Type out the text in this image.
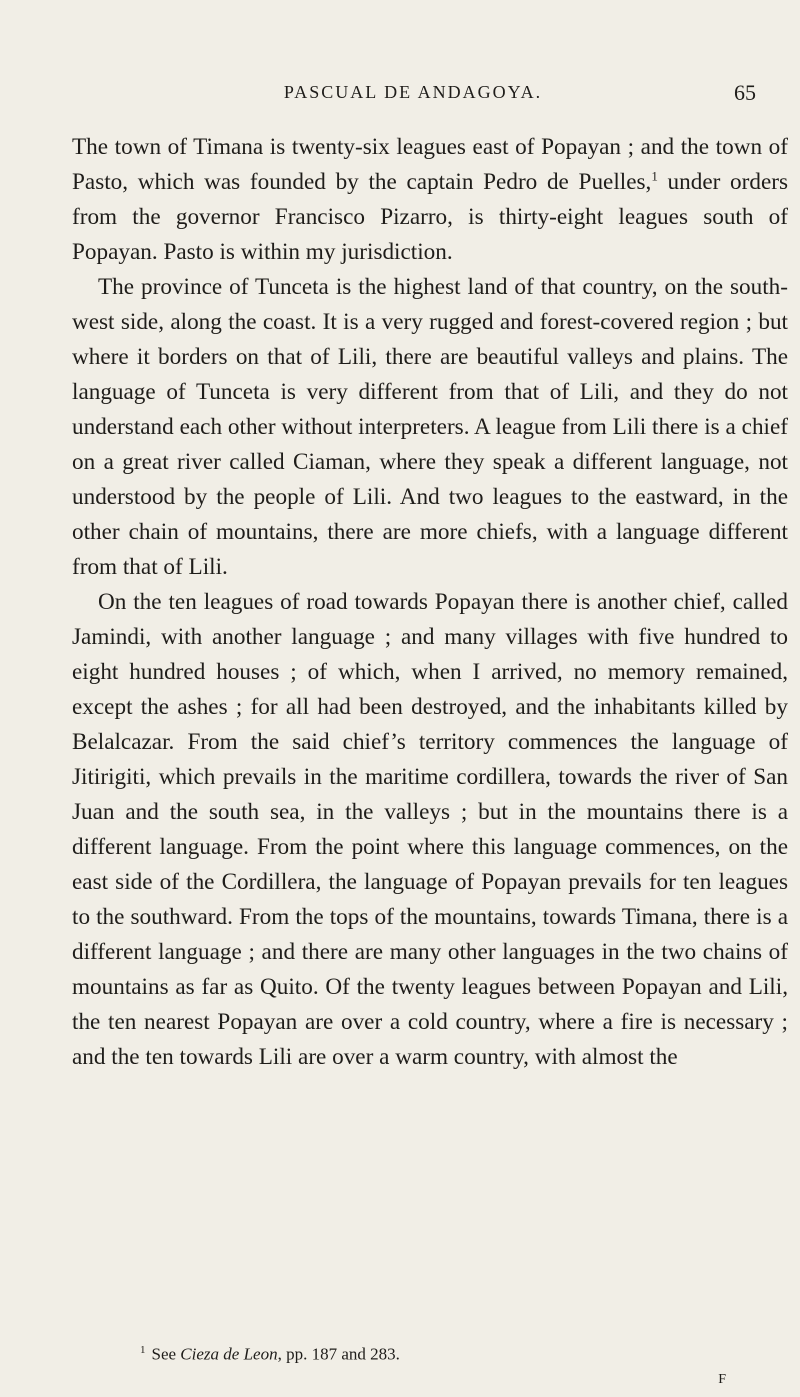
PASCUAL DE ANDAGOYA.	65

The town of Timana is twenty-six leagues east of Popayan ; and the town of Pasto, which was founded by the captain Pedro de Puelles,$^1$ under orders from the governor Francisco Pizarro, is thirty-eight leagues south of Popayan. Pasto is within my jurisdiction.

The province of Tunceta is the highest land of that country, on the south-west side, along the coast. It is a very rugged and forest-covered region ; but where it borders on that of Lili, there are beautiful valleys and plains. The language of Tunceta is very different from that of Lili, and they do not understand each other without interpreters. A league from Lili there is a chief on a great river called Ciaman, where they speak a different language, not understood by the people of Lili. And two leagues to the eastward, in the other chain of mountains, there are more chiefs, with a language different from that of Lili.

On the ten leagues of road towards Popayan there is another chief, called Jamindi, with another language ; and many villages with five hundred to eight hundred houses ; of which, when I arrived, no memory remained, except the ashes ; for all had been destroyed, and the inhabitants killed by Belalcazar. From the said chief’s territory commences the language of Jitirigiti, which prevails in the maritime cordillera, towards the river of San Juan and the south sea, in the valleys ; but in the mountains there is a different language. From the point where this language commences, on the east side of the Cordillera, the language of Popayan prevails for ten leagues to the southward. From the tops of the mountains, towards Timana, there is a different language ; and there are many other languages in the two chains of mountains as far as Quito. Of the twenty leagues between Popayan and Lili, the ten nearest Popayan are over a cold country, where a fire is necessary ; and the ten towards Lili are over a warm country, with almost the

$^1$ See Cieza de Leon, pp. 187 and 283.
F
